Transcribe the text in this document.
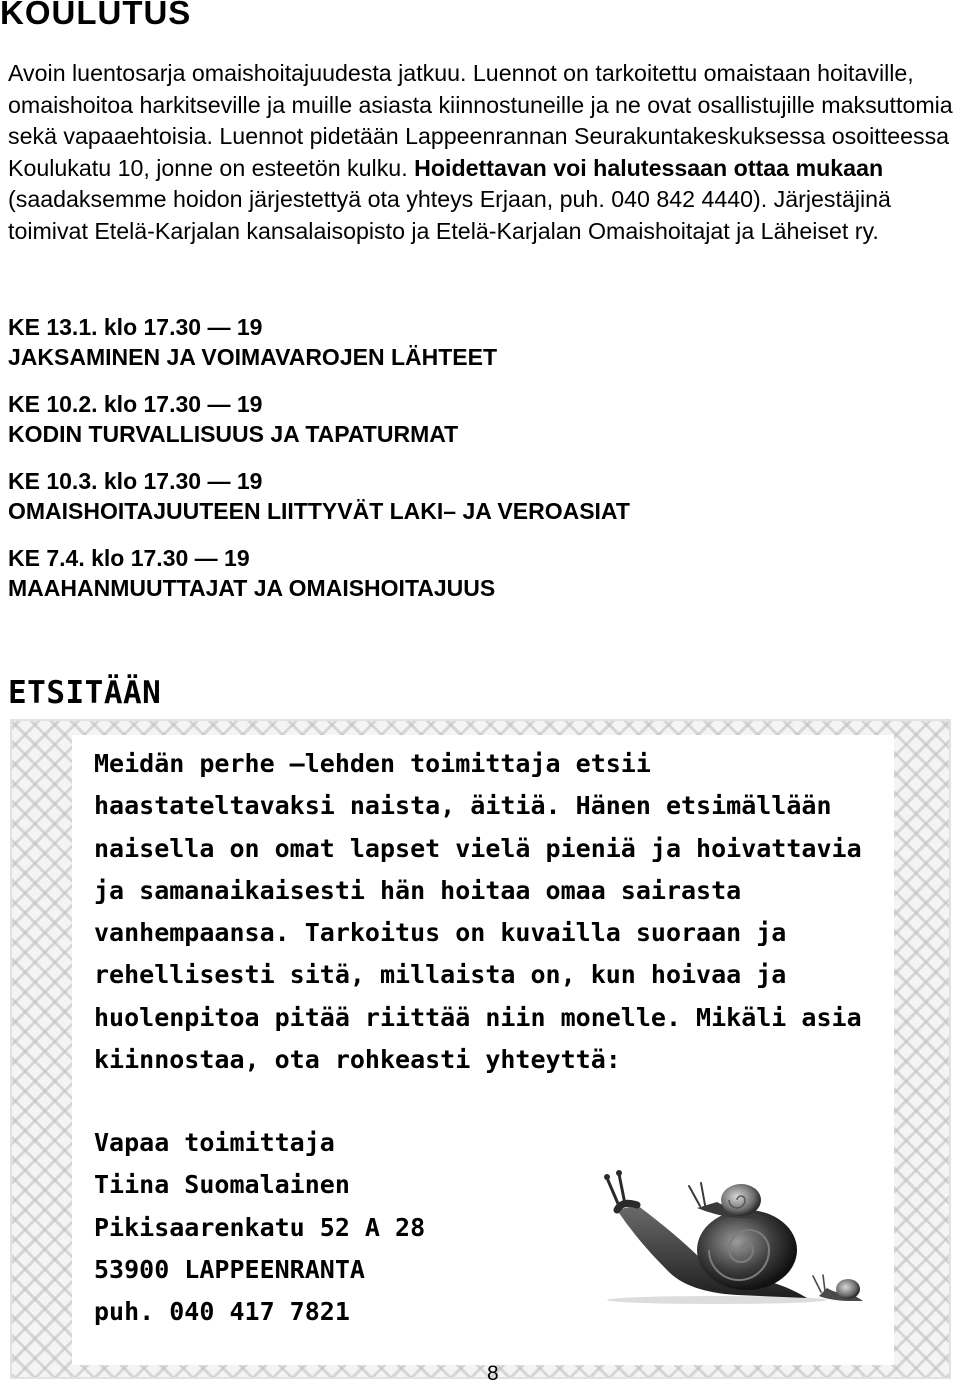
KOULUTUS

Avoin luentosarja omaishoitajuudesta jatkuu. Luennot on tarkoitettu omaistaan hoitaville, omaishoitoa harkitseville ja muille asiasta kiinnostuneille ja ne ovat osallistujille maksuttomia sekä vapaaehtoisia. Luennot pidetään Lappeenrannan Seurakuntakeskuksessa osoitteessa Koulukatu 10, jonne on esteetön kulku. Hoidettavan voi halutessaan ottaa mukaan (saadaksemme hoidon järjestettyä ota yhteys Erjaan, puh. 040 842 4440). Järjestäjinä toimivat Etelä-Karjalan kansalaisopisto ja Etelä-Karjalan Omaishoitajat ja Läheiset ry.

KE 13.1. klo 17.30 — 19
JAKSAMINEN JA VOIMAVAROJEN LÄHTEET
KE 10.2. klo 17.30 — 19
KODIN TURVALLISUUS JA TAPATURMAT
KE 10.3. klo 17.30 — 19
OMAISHOITAJUUTEEN LIITTYVÄT LAKI– JA VEROASIAT
KE 7.4. klo 17.30 — 19
MAAHANMUUTTAJAT JA OMAISHOITAJUUS
ETSITÄÄN

Meidän perhe –lehden toimittaja etsii haastateltavaksi naista, äitiä. Hänen etsimällään naisella on omat lapset vielä pieniä ja hoivattavia ja samanaikaisesti hän hoitaa omaa sairasta vanhempaansa. Tarkoitus on kuvailla suoraan ja rehellisesti sitä, millaista on, kun hoivaa ja huolenpitoa pitää riittää niin monelle. Mikäli asia kiinnostaa, ota rohkeasti yhteyttä:

Vapaa toimittaja
Tiina Suomalainen
Pikisaarenkatu 52 A 28
53900 LAPPEENRANTA
puh. 040 417 7821

8
